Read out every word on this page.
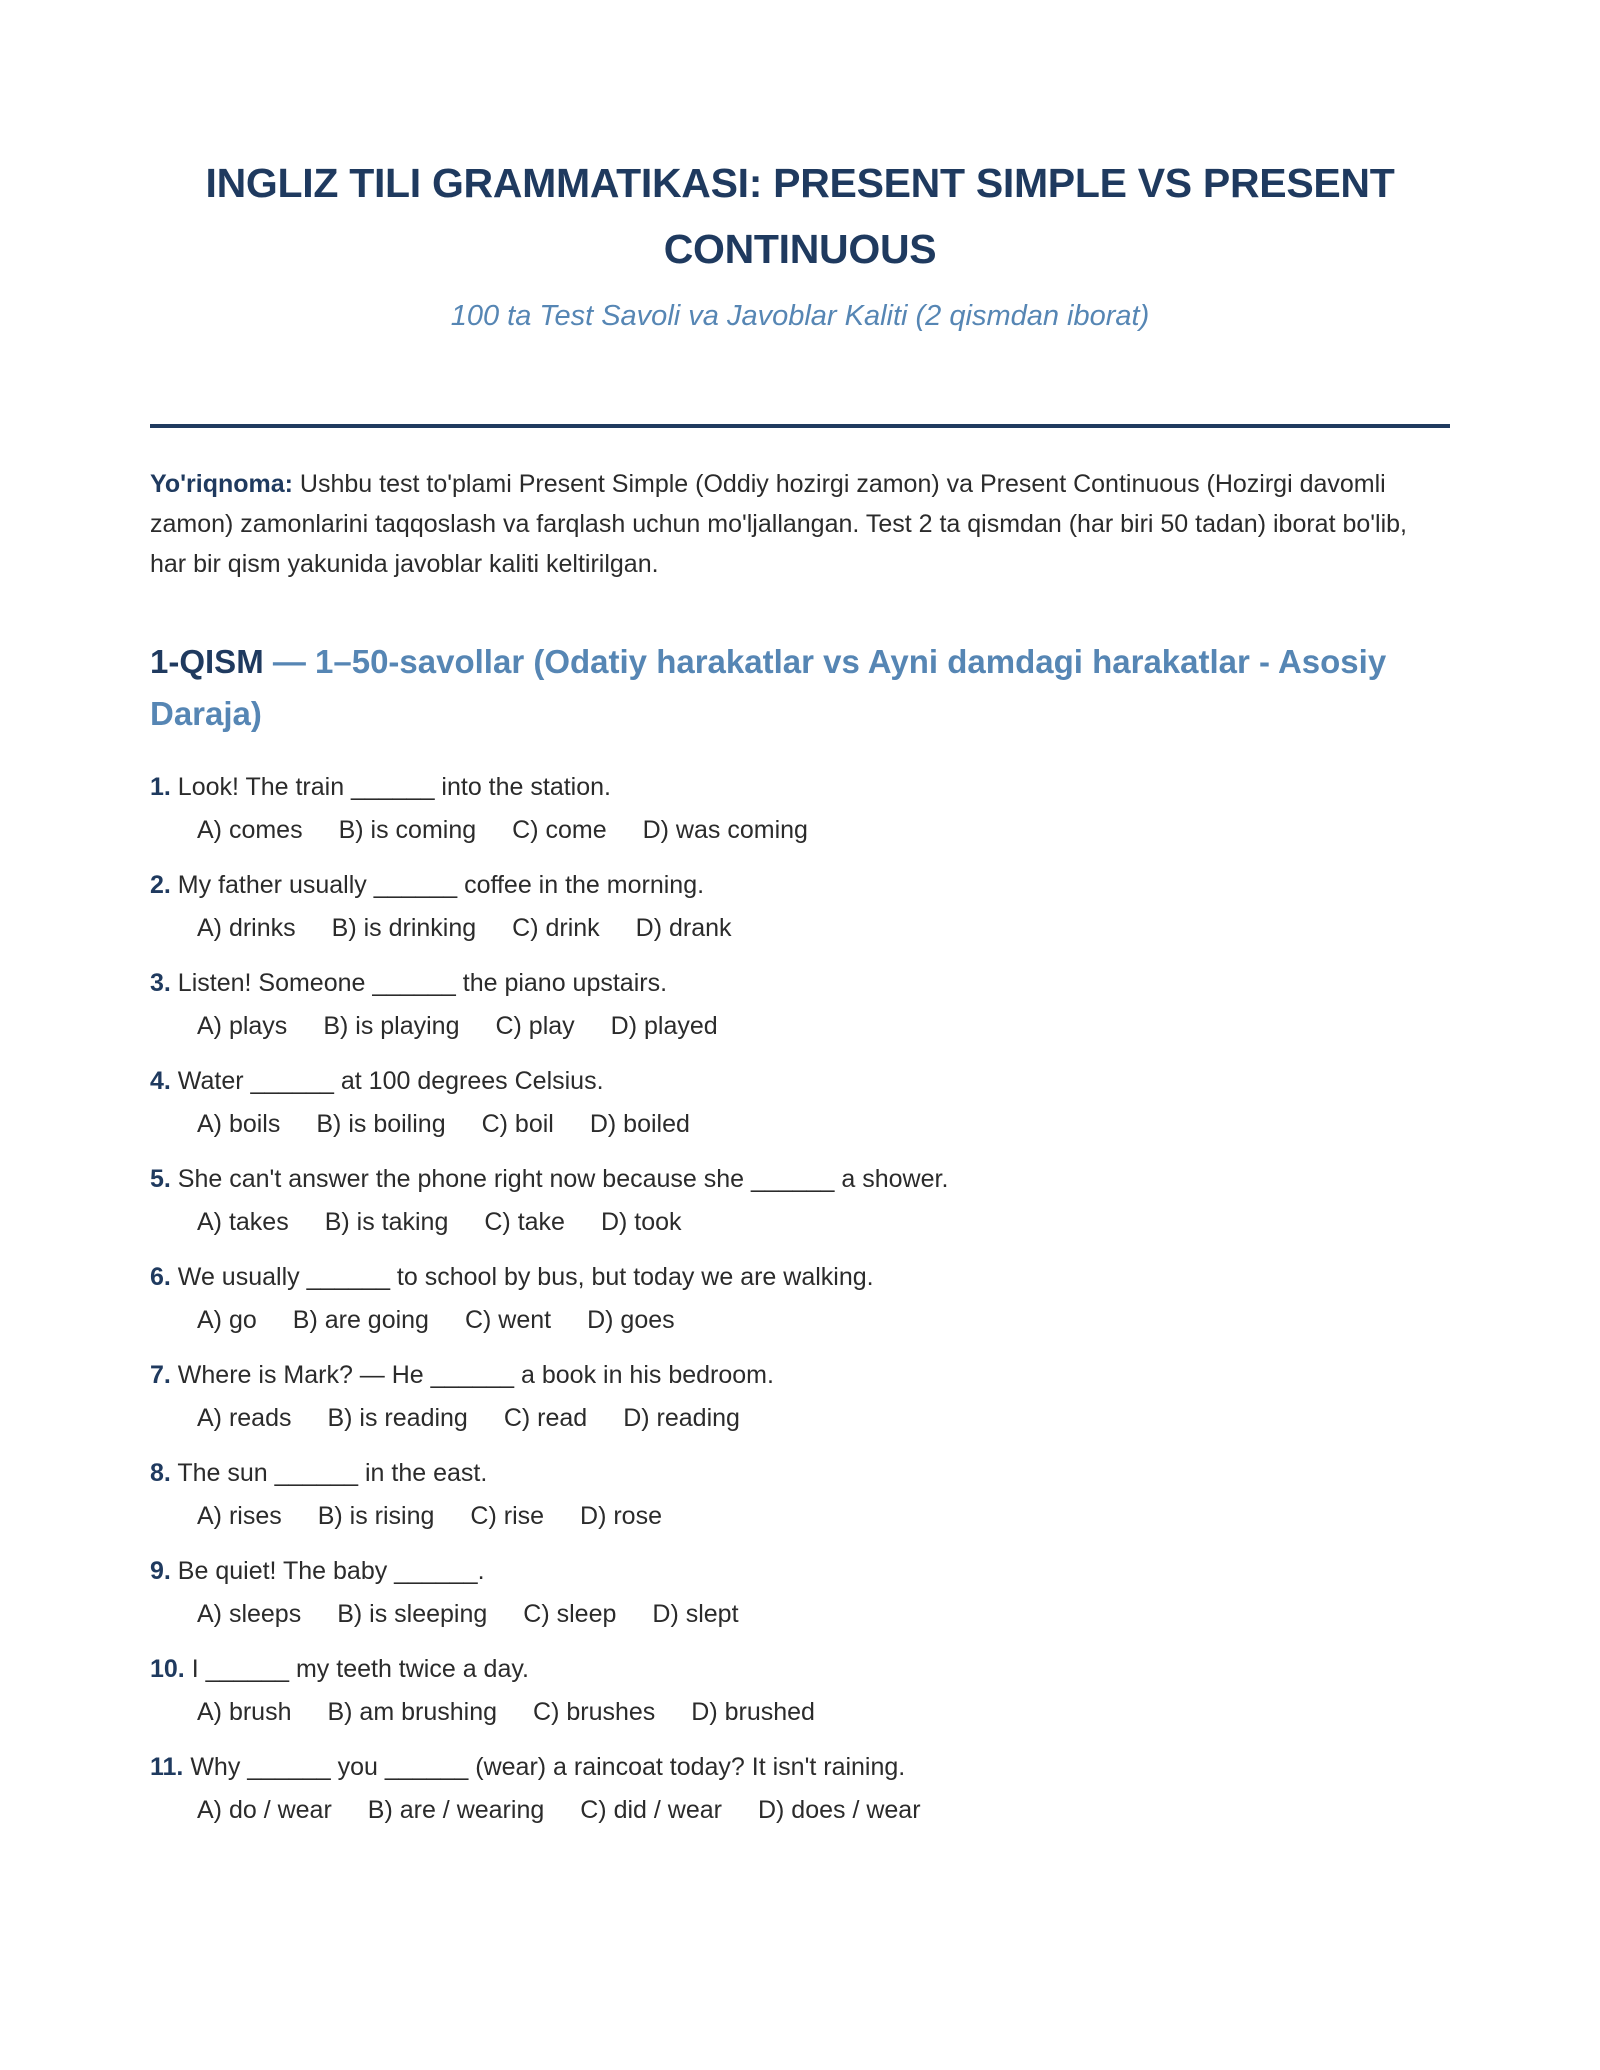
INGLIZ TILI GRAMMATIKASI: PRESENT SIMPLE VS PRESENT CONTINUOUS
100 ta Test Savoli va Javoblar Kaliti (2 qismdan iborat)
Yo'riqnoma: Ushbu test to'plami Present Simple (Oddiy hozirgi zamon) va Present Continuous (Hozirgi davomli zamon) zamonlarini taqqoslash va farqlash uchun mo'ljallangan. Test 2 ta qismdan (har biri 50 tadan) iborat bo'lib, har bir qism yakunida javoblar kaliti keltirilgan.
1-QISM — 1–50-savollar (Odatiy harakatlar vs Ayni damdagi harakatlar - Asosiy Daraja)
1. Look! The train ______ into the station.
A) comes B) is coming C) come D) was coming
2. My father usually ______ coffee in the morning.
A) drinks B) is drinking C) drink D) drank
3. Listen! Someone ______ the piano upstairs.
A) plays B) is playing C) play D) played
4. Water ______ at 100 degrees Celsius.
A) boils B) is boiling C) boil D) boiled
5. She can't answer the phone right now because she ______ a shower.
A) takes B) is taking C) take D) took
6. We usually ______ to school by bus, but today we are walking.
A) go B) are going C) went D) goes
7. Where is Mark? — He ______ a book in his bedroom.
A) reads B) is reading C) read D) reading
8. The sun ______ in the east.
A) rises B) is rising C) rise D) rose
9. Be quiet! The baby ______.
A) sleeps B) is sleeping C) sleep D) slept
10. I ______ my teeth twice a day.
A) brush B) am brushing C) brushes D) brushed
11. Why ______ you ______ (wear) a raincoat today? It isn't raining.
A) do / wear B) are / wearing C) did / wear D) does / wear
